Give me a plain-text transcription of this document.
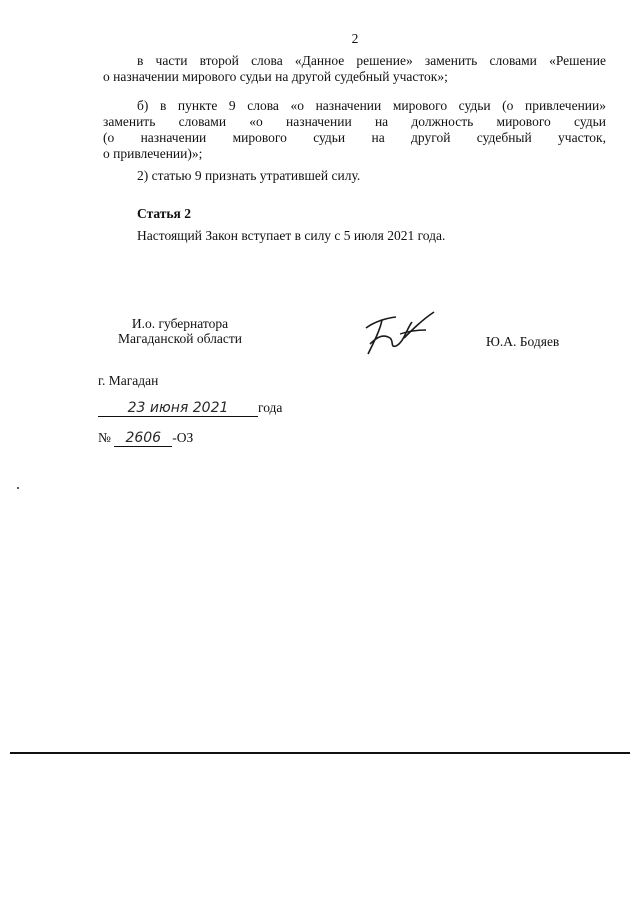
2
в части второй слова «Данное решение» заменить словами «Решение
о назначении мирового судьи на другой судебный участок»;
б) в пункте 9 слова «о назначении мирового судьи (о привлечении»
заменить словами «о назначении на должность мирового судьи
(о назначении мирового судьи на другой судебный участок,
о привлечении)»;
2) статью 9 признать утратившей силу.
Статья 2
Настоящий Закон вступает в силу с 5 июля 2021 года.
И.о. губернатора
Магаданской области	Ю.А. Бодяев
г. Магадан
23 июня 2021 года
№ 2606 -ОЗ
